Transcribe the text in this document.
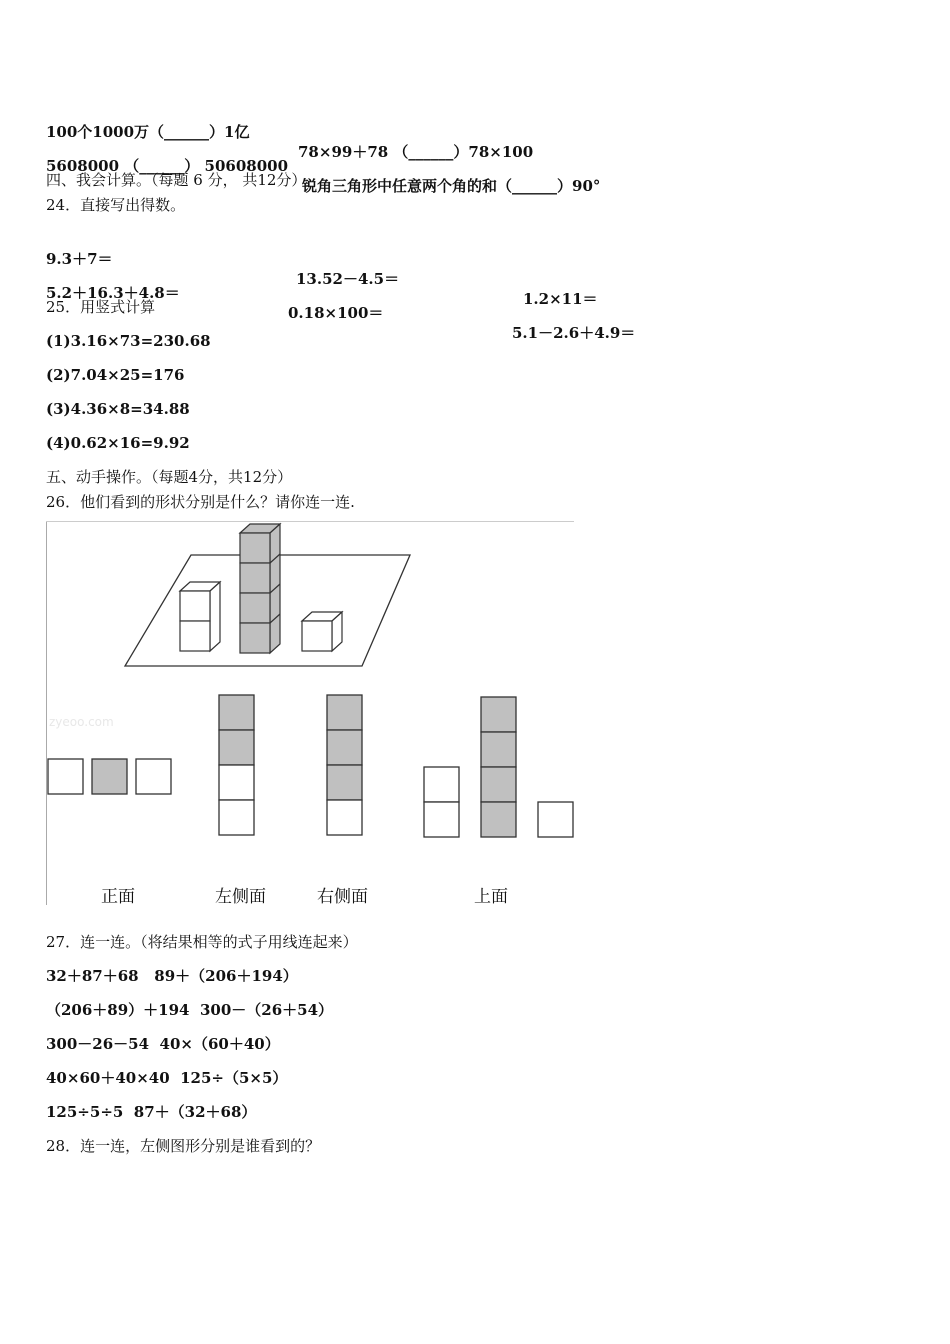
100个1000万（______）1亿

78×99＋78 （______）78×100

5608000 （______） 50608000

锐角三角形中任意两个角的和（______）90°

四、我会计算。（每题 6 分， 共12分）
24．直接写出得数。

9.3＋7＝

13.52－4.5＝

1.2×11＝

5.2＋16.3＋4.8＝

0.18×100＝

5.1－2.6＋4.9＝

25．用竖式计算
(1)3.16×73=230.68
(2)7.04×25=176
(3)4.36×8=34.88
(4)0.62×16=9.92
五、动手操作。（每题4分，共12分）
26．他们看到的形状分别是什么？请你连一连.
zyeoo.com
正面	左侧面	右侧面	上面
27．连一连。（将结果相等的式子用线连起来）
32＋87＋68   89＋（206＋194）
（206＋89）＋194  300－（26＋54）
300－26－54  40×（60＋40）
40×60＋40×40  125÷（5×5）
125÷5÷5  87＋（32＋68）
28．连一连，左侧图形分别是谁看到的？
